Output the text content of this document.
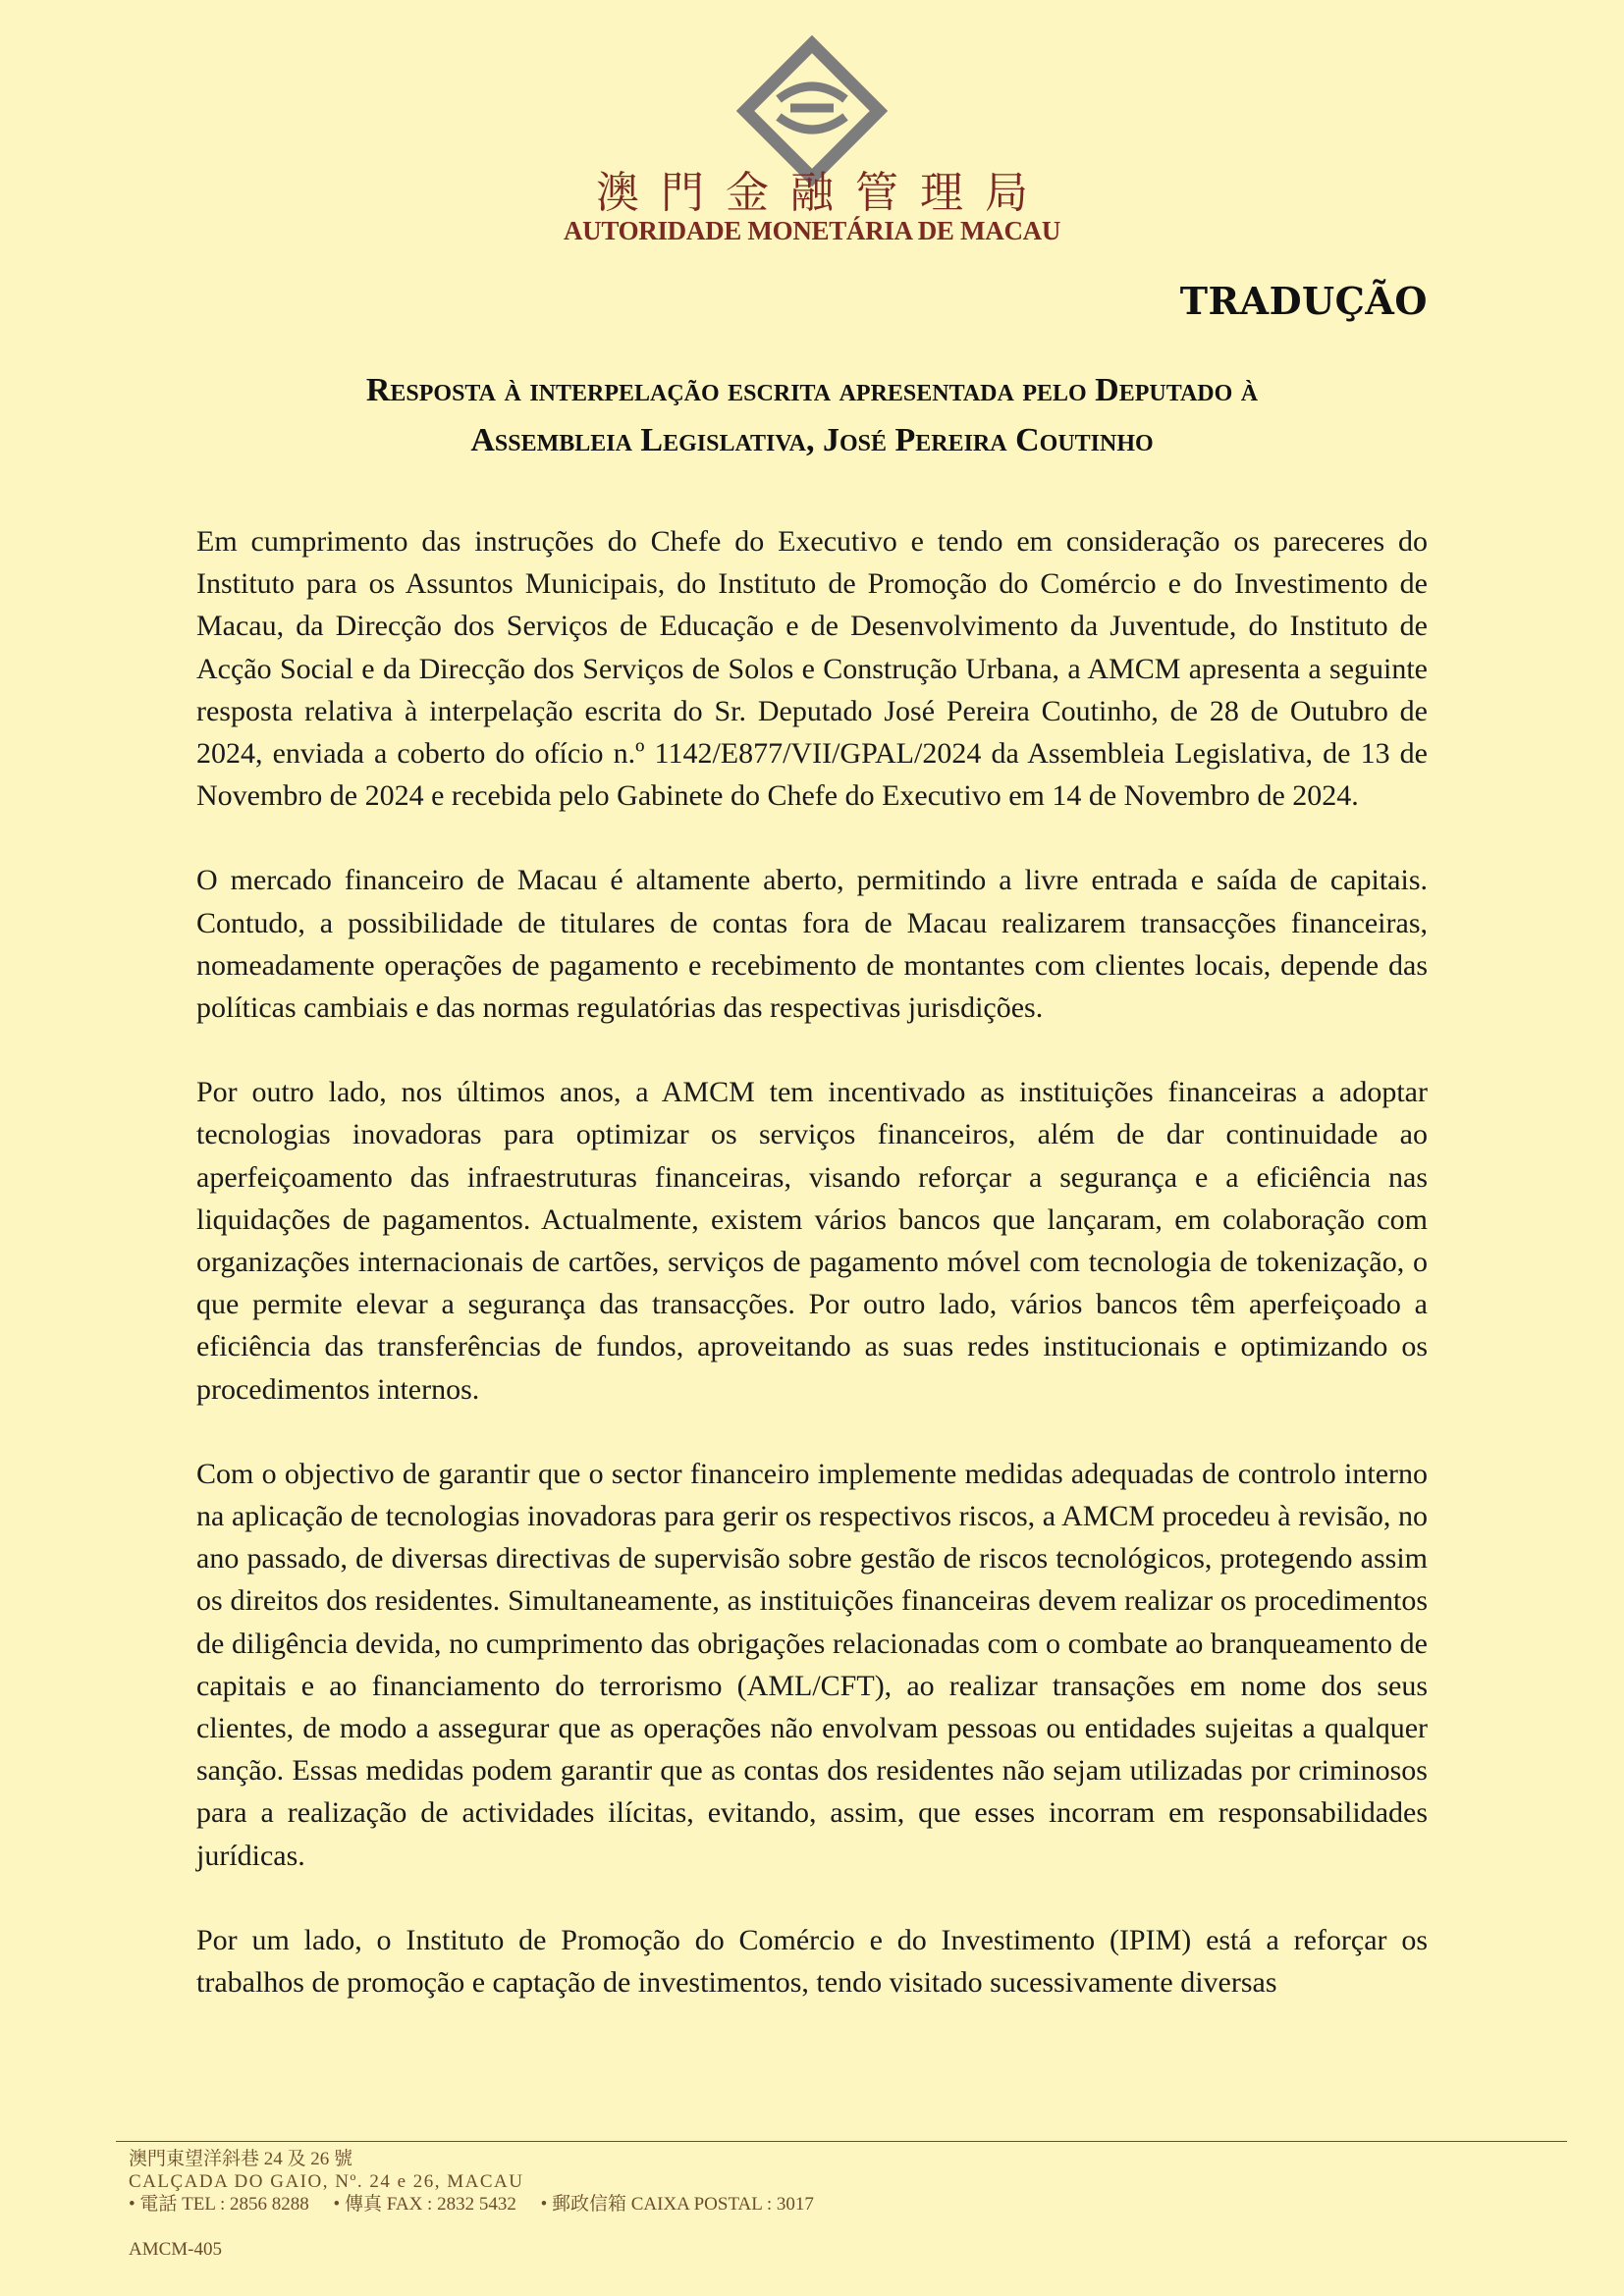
澳門金融管理局
AUTORIDADE MONETÁRIA DE MACAU
TRADUÇÃO
Resposta à interpelação escrita apresentada pelo Deputado à
Assembleia Legislativa, José Pereira Coutinho

Em cumprimento das instruções do Chefe do Executivo e tendo em consideração os pareceres do Instituto para os Assuntos Municipais, do Instituto de Promoção do Comércio e do Investimento de Macau, da Direcção dos Serviços de Educação e de Desenvolvimento da Juventude, do Instituto de Acção Social e da Direcção dos Serviços de Solos e Construção Urbana, a AMCM apresenta a seguinte resposta relativa à interpelação escrita do Sr. Deputado José Pereira Coutinho, de 28 de Outubro de 2024, enviada a coberto do ofício n.º 1142/E877/VII/GPAL/2024 da Assembleia Legislativa, de 13 de Novembro de 2024 e recebida pelo Gabinete do Chefe do Executivo em 14 de Novembro de 2024.

O mercado financeiro de Macau é altamente aberto, permitindo a livre entrada e saída de capitais. Contudo, a possibilidade de titulares de contas fora de Macau realizarem transacções financeiras, nomeadamente operações de pagamento e recebimento de montantes com clientes locais, depende das políticas cambiais e das normas regulatórias das respectivas jurisdições.

Por outro lado, nos últimos anos, a AMCM tem incentivado as instituições financeiras a adoptar tecnologias inovadoras para optimizar os serviços financeiros, além de dar continuidade ao aperfeiçoamento das infraestruturas financeiras, visando reforçar a segurança e a eficiência nas liquidações de pagamentos. Actualmente, existem vários bancos que lançaram, em colaboração com organizações internacionais de cartões, serviços de pagamento móvel com tecnologia de tokenização, o que permite elevar a segurança das transacções. Por outro lado, vários bancos têm aperfeiçoado a eficiência das transferências de fundos, aproveitando as suas redes institucionais e optimizando os procedimentos internos.

Com o objectivo de garantir que o sector financeiro implemente medidas adequadas de controlo interno na aplicação de tecnologias inovadoras para gerir os respectivos riscos, a AMCM procedeu à revisão, no ano passado, de diversas directivas de supervisão sobre gestão de riscos tecnológicos, protegendo assim os direitos dos residentes. Simultaneamente, as instituições financeiras devem realizar os procedimentos de diligência devida, no cumprimento das obrigações relacionadas com o combate ao branqueamento de capitais e ao financiamento do terrorismo (AML/CFT), ao realizar transações em nome dos seus clientes, de modo a assegurar que as operações não envolvam pessoas ou entidades sujeitas a qualquer sanção. Essas medidas podem garantir que as contas dos residentes não sejam utilizadas por criminosos para a realização de actividades ilícitas, evitando, assim, que esses incorram em responsabilidades jurídicas.

Por um lado, o Instituto de Promoção do Comércio e do Investimento (IPIM) está a reforçar os trabalhos de promoção e captação de investimentos, tendo visitado sucessivamente diversas

澳門東望洋斜巷 24 及 26 號
CALÇADA DO GAIO, Nº. 24 e 26, MACAU
• 電話 TEL : 2856 8288 • 傳真 FAX : 2832 5432 • 郵政信箱 CAIXA POSTAL : 3017
AMCM-405
